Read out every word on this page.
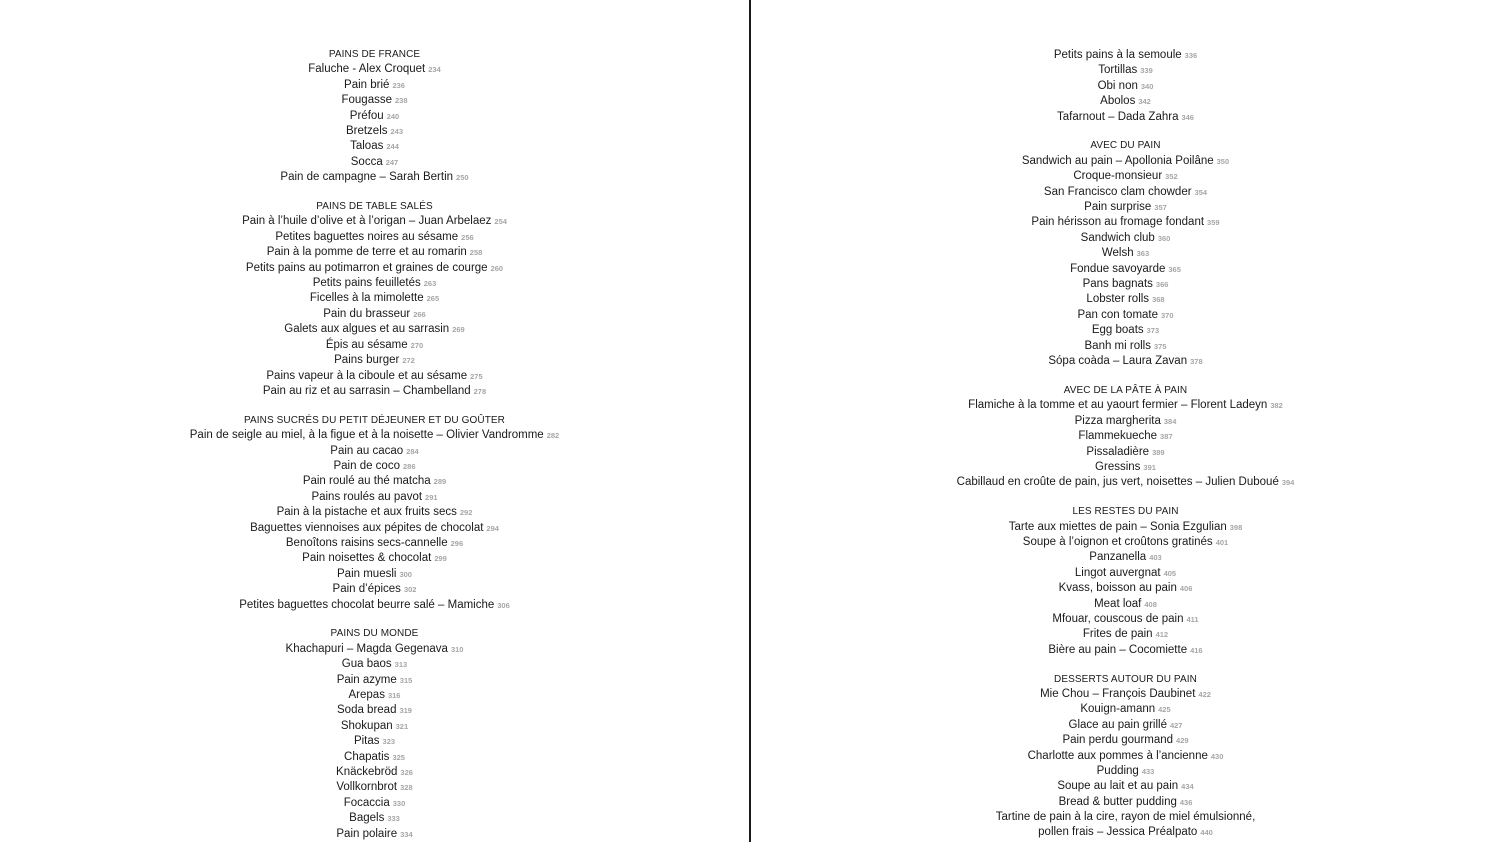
PAINS DE FRANCE
Faluche - Alex Croquet 234
Pain brié 236
Fougasse 238
Préfou 240
Bretzels 243
Taloas 244
Socca 247
Pain de campagne – Sarah Bertin 250
PAINS DE TABLE SALÉS
Pain à l’huile d’olive et à l’origan – Juan Arbelaez 254
Petites baguettes noires au sésame 256
Pain à la pomme de terre et au romarin 258
Petits pains au potimarron et graines de courge 260
Petits pains feuilletés 263
Ficelles à la mimolette 265
Pain du brasseur 266
Galets aux algues et au sarrasin 269
Épis au sésame 270
Pains burger 272
Pains vapeur à la ciboule et au sésame 275
Pain au riz et au sarrasin – Chambelland 278
PAINS SUCRÉS DU PETIT DÉJEUNER ET DU GOÛTER
Pain de seigle au miel, à la figue et à la noisette – Olivier Vandromme 282
Pain au cacao 284
Pain de coco 286
Pain roulé au thé matcha 289
Pains roulés au pavot 291
Pain à la pistache et aux fruits secs 292
Baguettes viennoises aux pépites de chocolat 294
Benoîtons raisins secs-cannelle 296
Pain noisettes & chocolat 299
Pain muesli 300
Pain d’épices 302
Petites baguettes chocolat beurre salé – Mamiche 306
PAINS DU MONDE
Khachapuri – Magda Gegenava 310
Gua baos 313
Pain azyme 315
Arepas 316
Soda bread 319
Shokupan 321
Pitas 323
Chapatis 325
Knäckebröd 326
Vollkornbrot 328
Focaccia 330
Bagels 333
Pain polaire 334
Petits pains à la semoule 336
Tortillas 339
Obi non 340
Abolos 342
Tafarnout – Dada Zahra 346
AVEC DU PAIN
Sandwich au pain – Apollonia Poilâne 350
Croque-monsieur 352
San Francisco clam chowder 354
Pain surprise 357
Pain hérisson au fromage fondant 359
Sandwich club 360
Welsh 363
Fondue savoyarde 365
Pans bagnats 366
Lobster rolls 368
Pan con tomate 370
Egg boats 373
Banh mi rolls 375
Sópa coàda – Laura Zavan 378
AVEC DE LA PÂTE À PAIN
Flamiche à la tomme et au yaourt fermier – Florent Ladeyn 382
Pizza margherita 384
Flammekueche 387
Pissaladière 389
Gressins 391
Cabillaud en croûte de pain, jus vert, noisettes – Julien Duboué 394
LES RESTES DU PAIN
Tarte aux miettes de pain – Sonia Ezgulian 398
Soupe à l’oignon et croûtons gratinés 401
Panzanella 403
Lingot auvergnat 405
Kvass, boisson au pain 406
Meat loaf 408
Mfouar, couscous de pain 411
Frites de pain 412
Bière au pain – Cocomiette 416
DESSERTS AUTOUR DU PAIN
Mie Chou – François Daubinet 422
Kouign-amann 425
Glace au pain grillé 427
Pain perdu gourmand 429
Charlotte aux pommes à l’ancienne 430
Pudding 433
Soupe au lait et au pain 434
Bread & butter pudding 436
Tartine de pain à la cire, rayon de miel émulsionné,
pollen frais – Jessica Préalpato 440
